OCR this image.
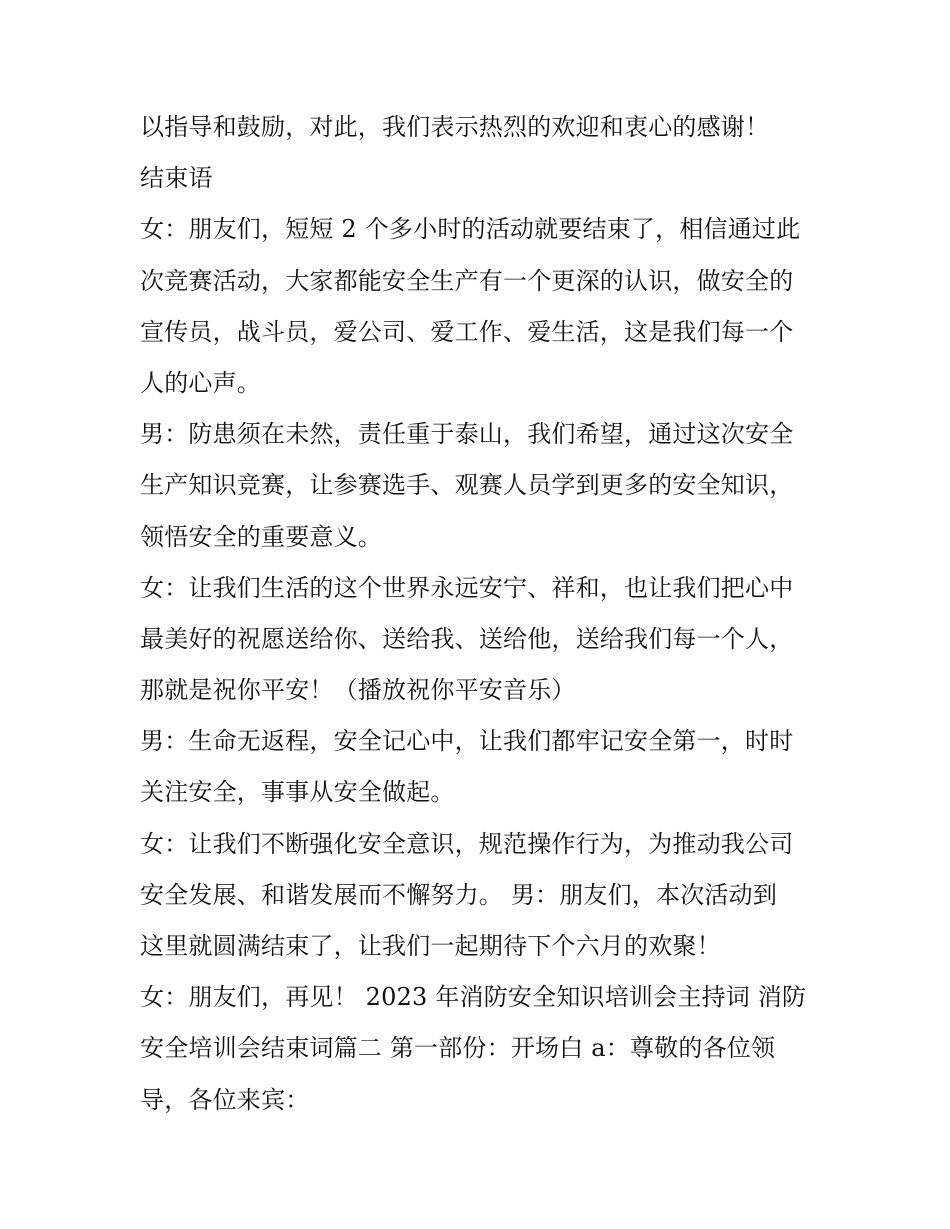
以指导和鼓励，对此，我们表示热烈的欢迎和衷心的感谢！
结束语
女：朋友们，短短 2 个多小时的活动就要结束了，相信通过此
次竞赛活动，大家都能安全生产有一个更深的认识，做安全的
宣传员，战斗员，爱公司、爱工作、爱生活，这是我们每一个
人的心声。
男：防患须在未然，责任重于泰山，我们希望，通过这次安全
生产知识竞赛，让参赛选手、观赛人员学到更多的安全知识，
领悟安全的重要意义。
女：让我们生活的这个世界永远安宁、祥和，也让我们把心中
最美好的祝愿送给你、送给我、送给他，送给我们每一个人，
那就是祝你平安！（播放祝你平安音乐）
男：生命无返程，安全记心中，让我们都牢记安全第一，时时
关注安全，事事从安全做起。
女：让我们不断强化安全意识，规范操作行为，为推动我公司
安全发展、和谐发展而不懈努力。 男：朋友们，本次活动到
这里就圆满结束了，让我们一起期待下个六月的欢聚！
女：朋友们，再见！ 2023 年消防安全知识培训会主持词 消防
安全培训会结束词篇二 第一部份：开场白 a：尊敬的各位领
导，各位来宾：
